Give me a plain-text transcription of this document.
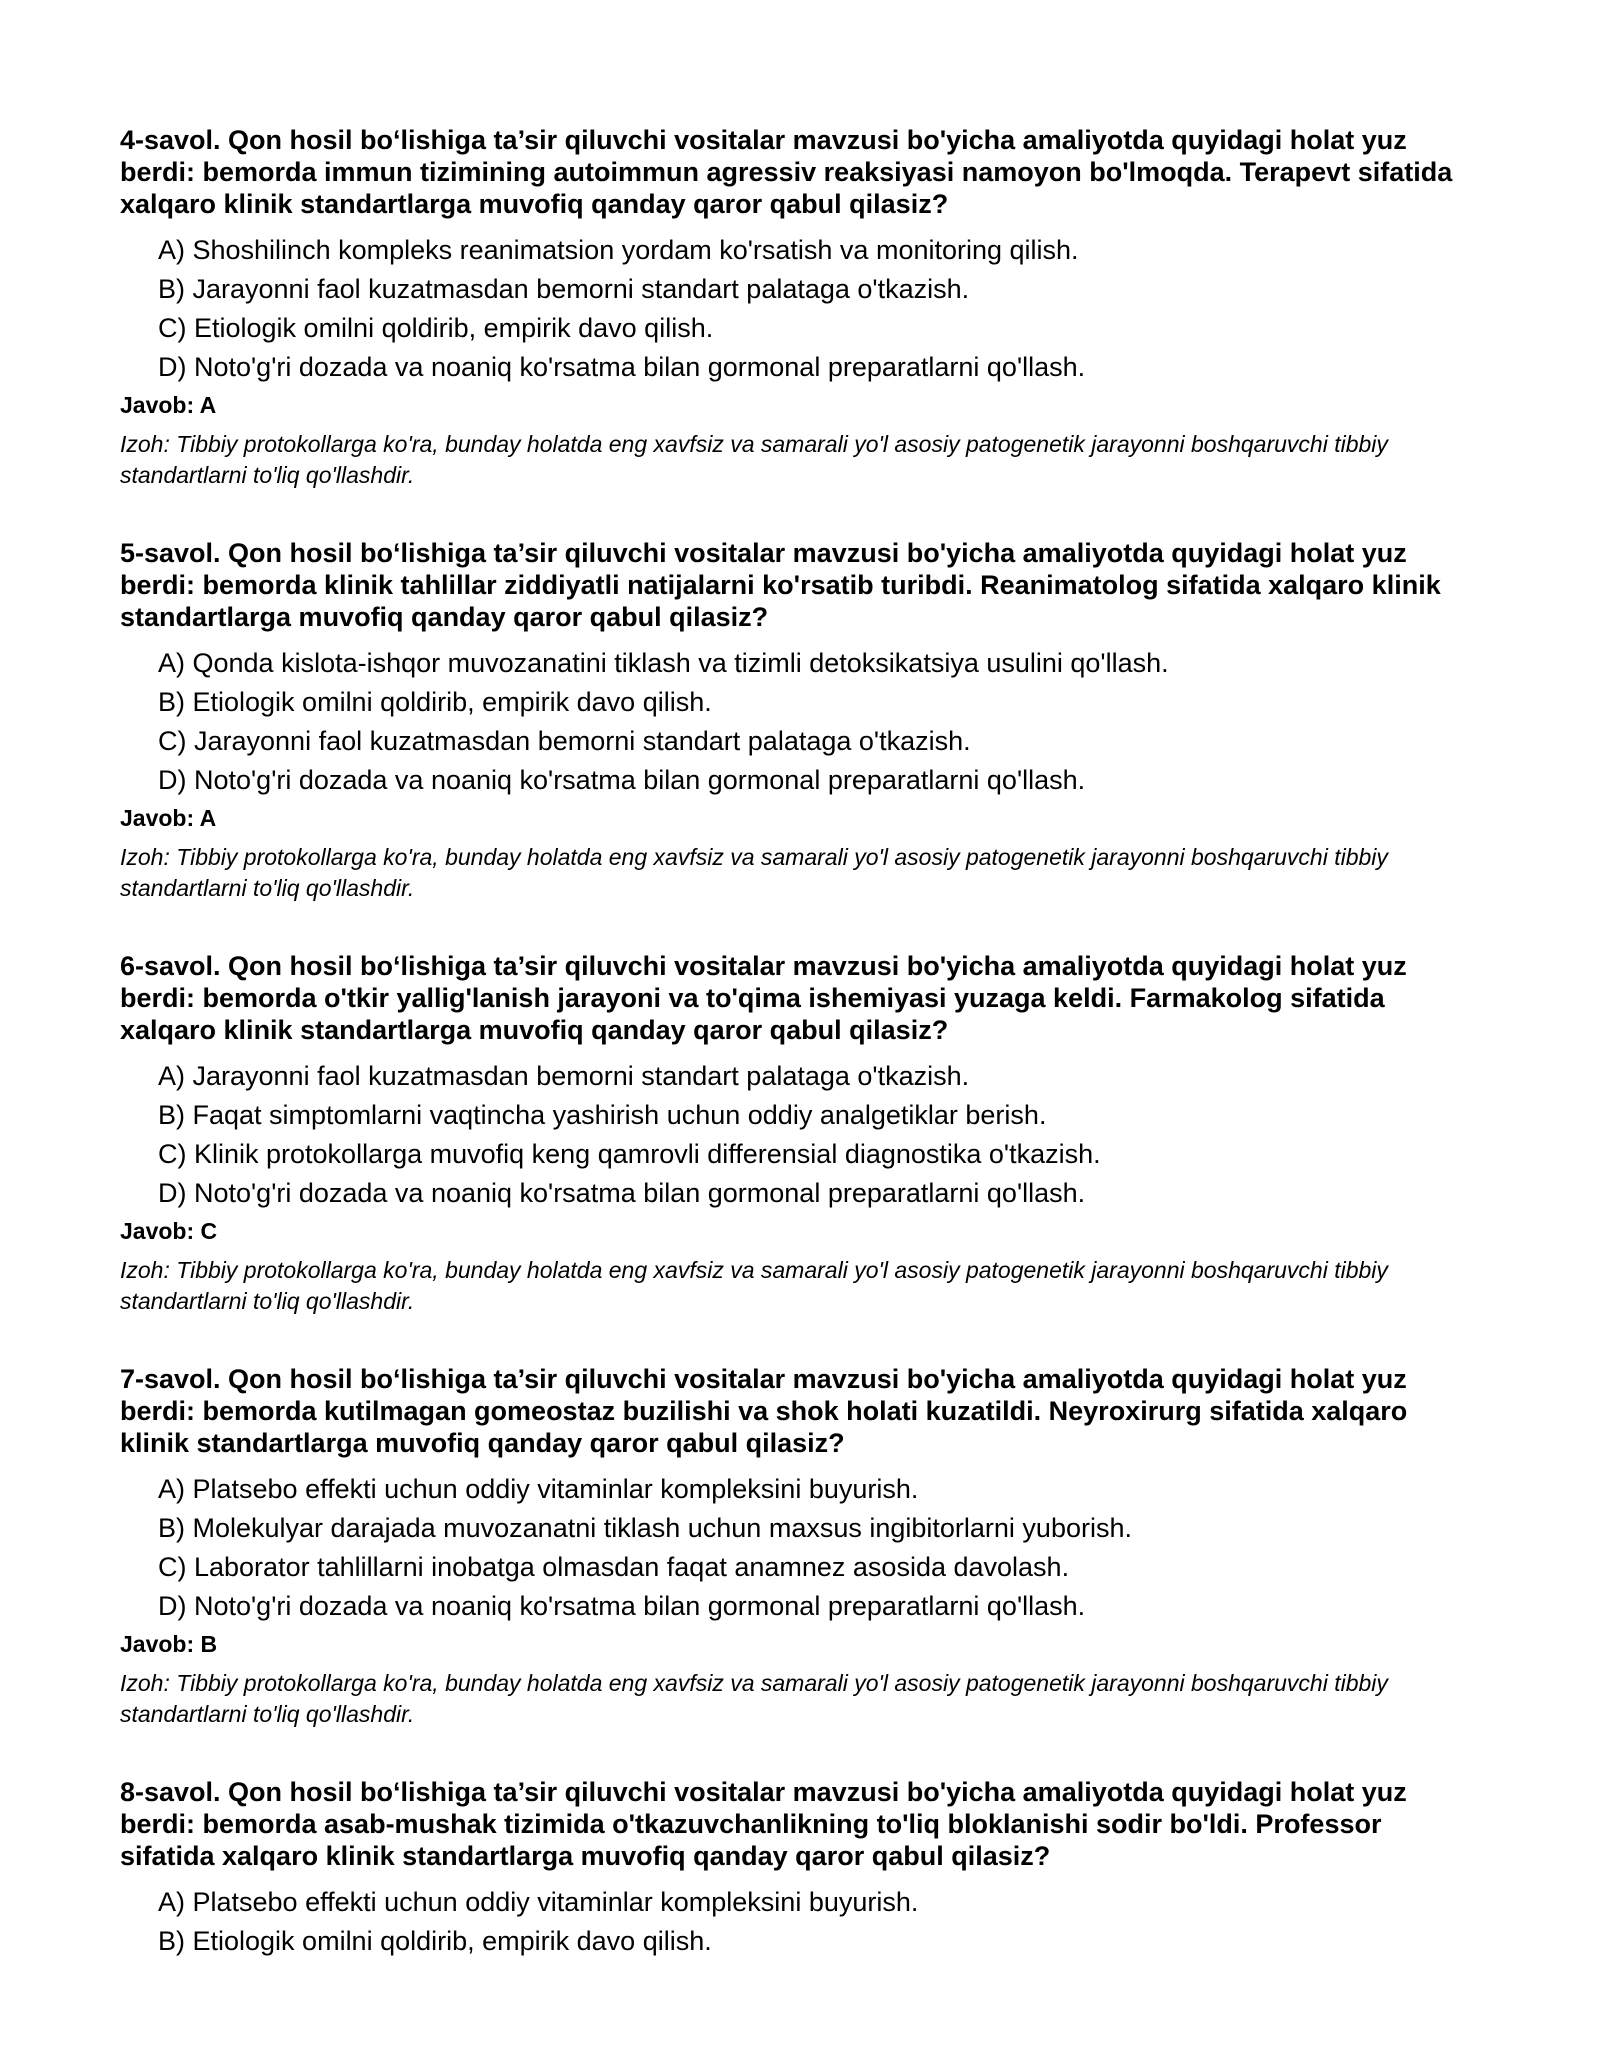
4-savol. Qon hosil bo‘lishiga ta’sir qiluvchi vositalar mavzusi bo'yicha amaliyotda quyidagi holat yuz berdi: bemorda immun tizimining autoimmun agressiv reaksiyasi namoyon bo'lmoqda. Terapevt sifatida xalqaro klinik standartlarga muvofiq qanday qaror qabul qilasiz?

A) Shoshilinch kompleks reanimatsion yordam ko'rsatish va monitoring qilish.
B) Jarayonni faol kuzatmasdan bemorni standart palataga o'tkazish.
C) Etiologik omilni qoldirib, empirik davo qilish.
D) Noto'g'ri dozada va noaniq ko'rsatma bilan gormonal preparatlarni qo'llash.

Javob: A

Izoh: Tibbiy protokollarga ko'ra, bunday holatda eng xavfsiz va samarali yo'l asosiy patogenetik jarayonni boshqaruvchi tibbiy standartlarni to'liq qo'llashdir.

5-savol. Qon hosil bo‘lishiga ta’sir qiluvchi vositalar mavzusi bo'yicha amaliyotda quyidagi holat yuz berdi: bemorda klinik tahlillar ziddiyatli natijalarni ko'rsatib turibdi. Reanimatolog sifatida xalqaro klinik standartlarga muvofiq qanday qaror qabul qilasiz?

A) Qonda kislota-ishqor muvozanatini tiklash va tizimli detoksikatsiya usulini qo'llash.
B) Etiologik omilni qoldirib, empirik davo qilish.
C) Jarayonni faol kuzatmasdan bemorni standart palataga o'tkazish.
D) Noto'g'ri dozada va noaniq ko'rsatma bilan gormonal preparatlarni qo'llash.

Javob: A

Izoh: Tibbiy protokollarga ko'ra, bunday holatda eng xavfsiz va samarali yo'l asosiy patogenetik jarayonni boshqaruvchi tibbiy standartlarni to'liq qo'llashdir.

6-savol. Qon hosil bo‘lishiga ta’sir qiluvchi vositalar mavzusi bo'yicha amaliyotda quyidagi holat yuz berdi: bemorda o'tkir yallig'lanish jarayoni va to'qima ishemiyasi yuzaga keldi. Farmakolog sifatida xalqaro klinik standartlarga muvofiq qanday qaror qabul qilasiz?

A) Jarayonni faol kuzatmasdan bemorni standart palataga o'tkazish.
B) Faqat simptomlarni vaqtincha yashirish uchun oddiy analgetiklar berish.
C) Klinik protokollarga muvofiq keng qamrovli differensial diagnostika o'tkazish.
D) Noto'g'ri dozada va noaniq ko'rsatma bilan gormonal preparatlarni qo'llash.

Javob: C

Izoh: Tibbiy protokollarga ko'ra, bunday holatda eng xavfsiz va samarali yo'l asosiy patogenetik jarayonni boshqaruvchi tibbiy standartlarni to'liq qo'llashdir.

7-savol. Qon hosil bo‘lishiga ta’sir qiluvchi vositalar mavzusi bo'yicha amaliyotda quyidagi holat yuz berdi: bemorda kutilmagan gomeostaz buzilishi va shok holati kuzatildi. Neyroxirurg sifatida xalqaro klinik standartlarga muvofiq qanday qaror qabul qilasiz?

A) Platsebo effekti uchun oddiy vitaminlar kompleksini buyurish.
B) Molekulyar darajada muvozanatni tiklash uchun maxsus ingibitorlarni yuborish.
C) Laborator tahlillarni inobatga olmasdan faqat anamnez asosida davolash.
D) Noto'g'ri dozada va noaniq ko'rsatma bilan gormonal preparatlarni qo'llash.

Javob: B

Izoh: Tibbiy protokollarga ko'ra, bunday holatda eng xavfsiz va samarali yo'l asosiy patogenetik jarayonni boshqaruvchi tibbiy standartlarni to'liq qo'llashdir.

8-savol. Qon hosil bo‘lishiga ta’sir qiluvchi vositalar mavzusi bo'yicha amaliyotda quyidagi holat yuz berdi: bemorda asab-mushak tizimida o'tkazuvchanlikning to'liq bloklanishi sodir bo'ldi. Professor sifatida xalqaro klinik standartlarga muvofiq qanday qaror qabul qilasiz?

A) Platsebo effekti uchun oddiy vitaminlar kompleksini buyurish.
B) Etiologik omilni qoldirib, empirik davo qilish.
